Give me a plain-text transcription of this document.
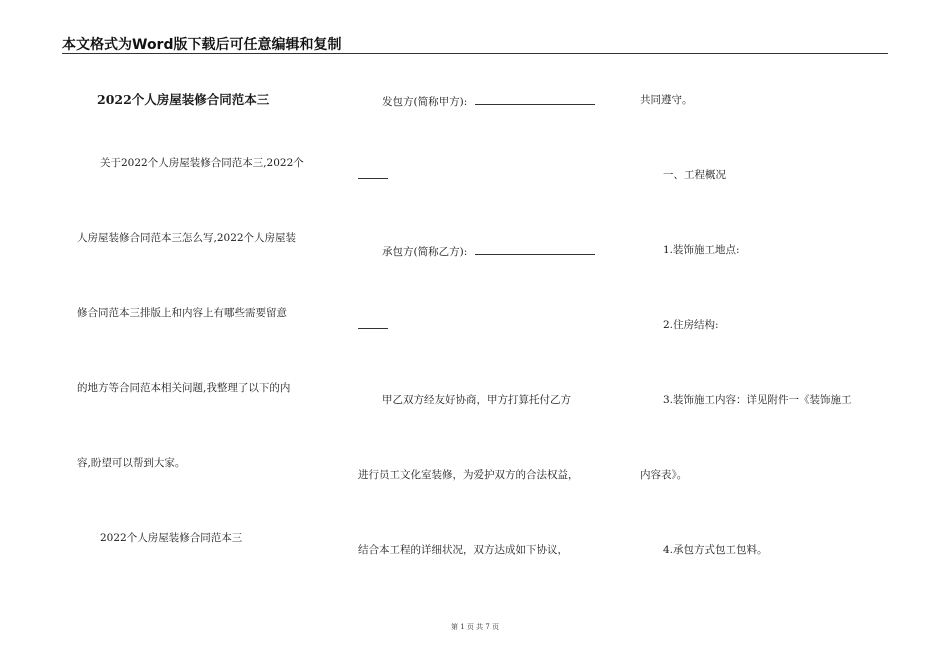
本文格式为Word版下载后可任意编辑和复制
2022个人房屋装修合同范本三
关于2022个人房屋装修合同范本三,2022个
人房屋装修合同范本三怎么写,2022个人房屋装
修合同范本三排版上和内容上有哪些需要留意
的地方等合同范本相关问题,我整理了以下的内
容,盼望可以帮到大家。
2022个人房屋装修合同范本三
发包方(简称甲方):
承包方(简称乙方):
甲乙双方经友好协商，甲方打算托付乙方
进行员工文化室装修，为爱护双方的合法权益，
结合本工程的详细状况，双方达成如下协议，
共同遵守。
一、工程概况
1.装饰施工地点:
2.住房结构:
3.装饰施工内容：详见附件一《装饰施工
内容表》。
4.承包方式包工包料。
第 1 页 共 7 页
